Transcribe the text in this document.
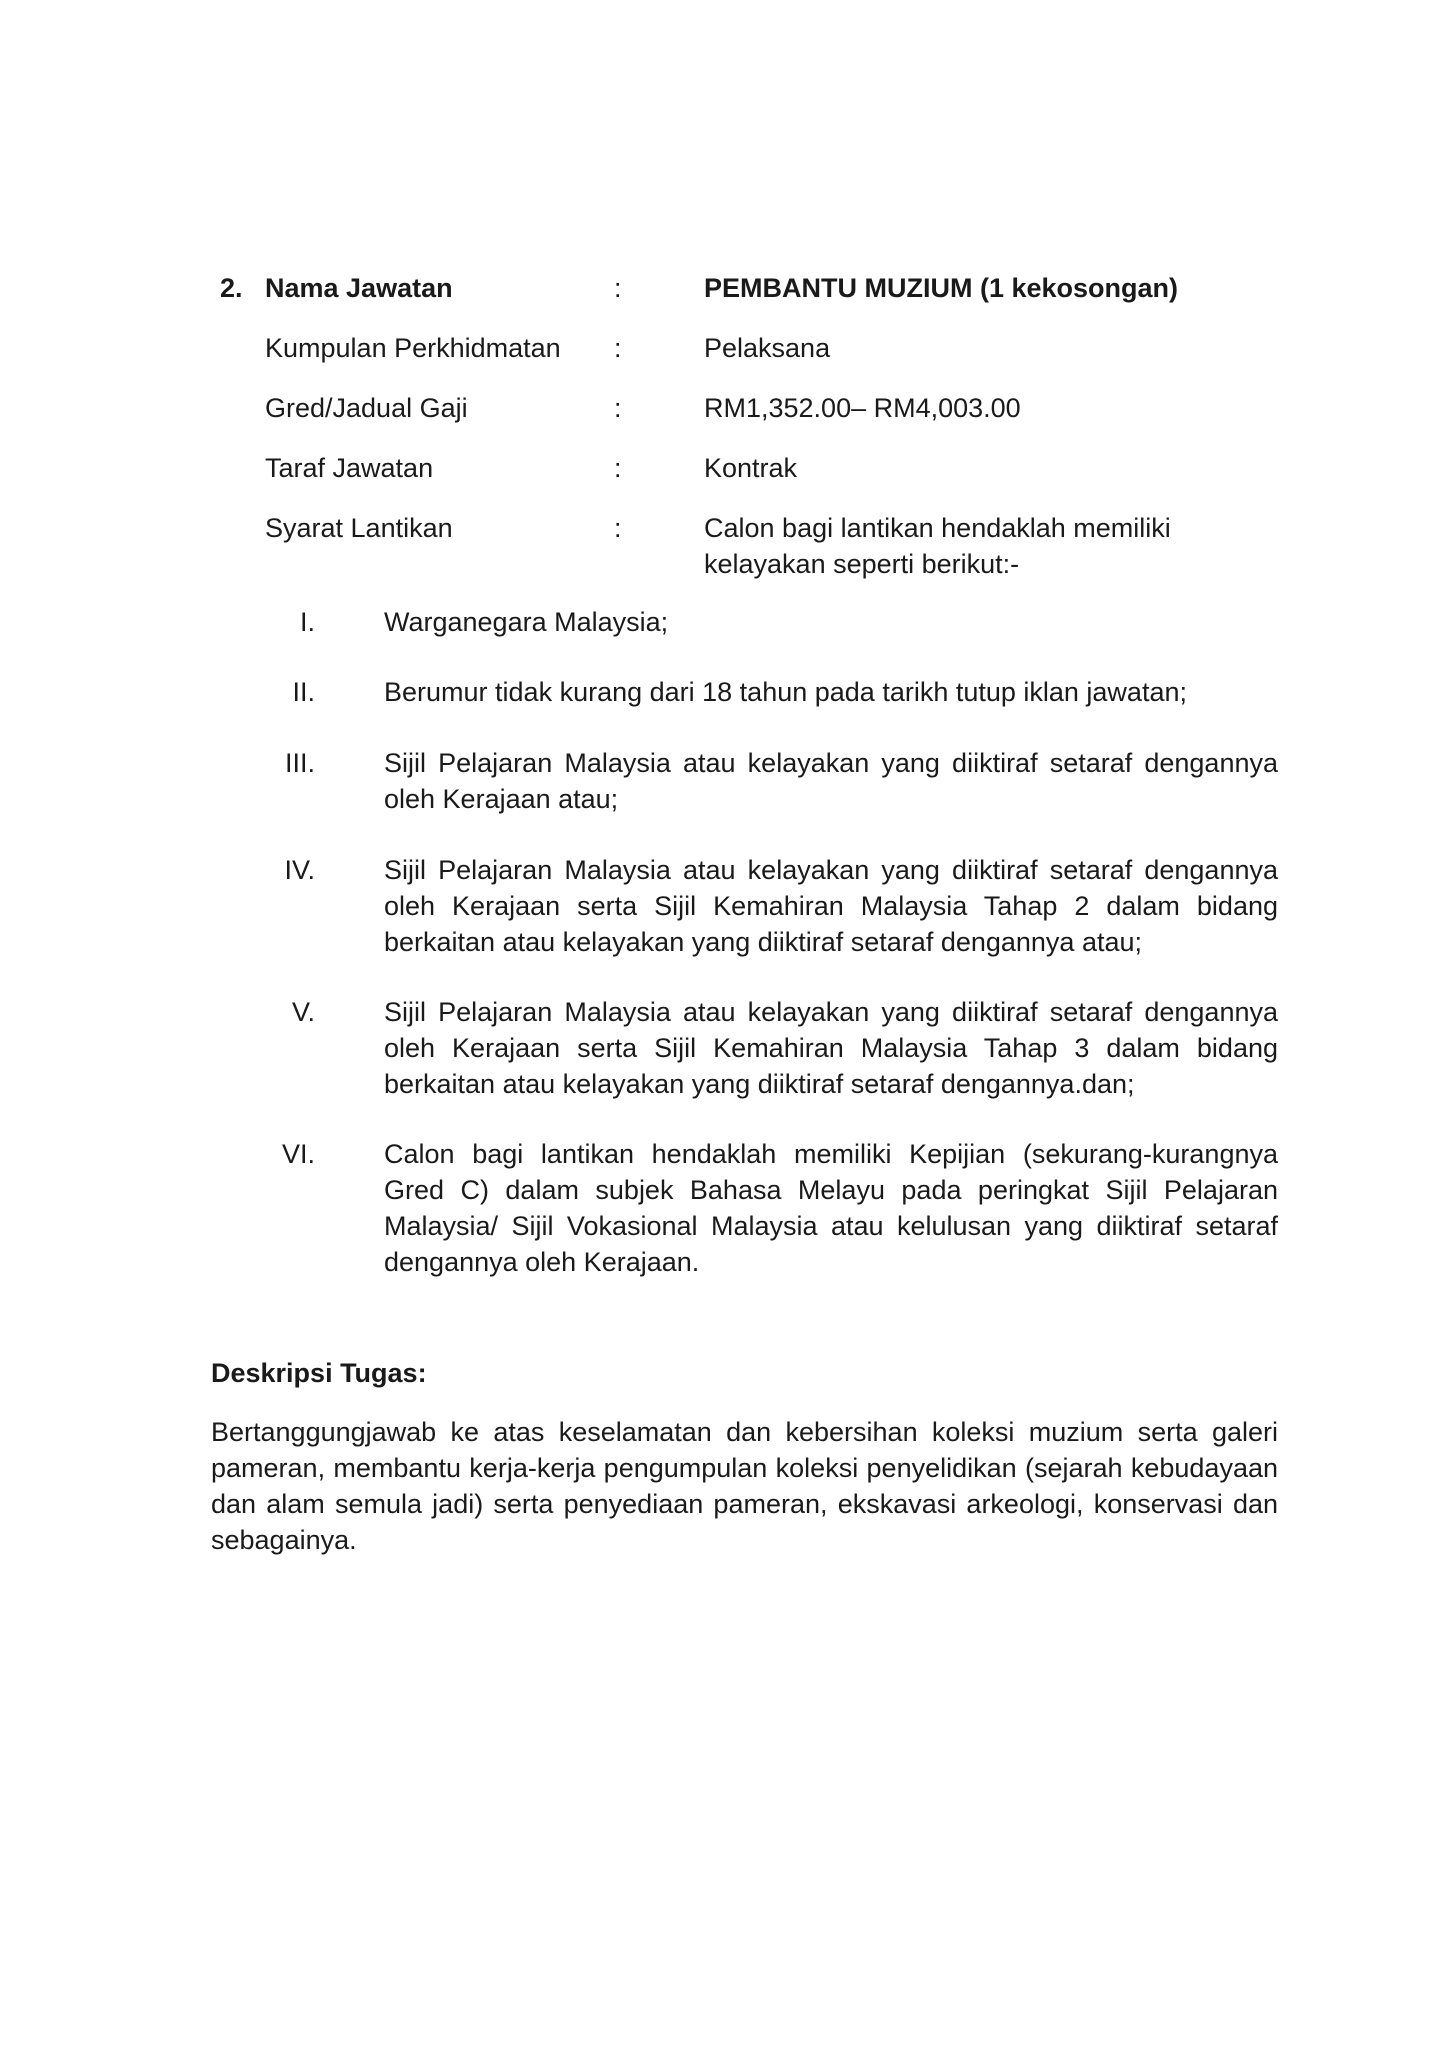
2. Nama Jawatan	:	PEMBANTU MUZIUM (1 kekosongan)
Kumpulan Perkhidmatan :	Pelaksana
Gred/Jadual Gaji	:	RM1,352.00– RM4,003.00
Taraf Jawatan	:	Kontrak
Syarat Lantikan	:	Calon bagi lantikan hendaklah memiliki kelayakan seperti berikut:-
I.	Warganegara Malaysia;
II.	Berumur tidak kurang dari 18 tahun pada tarikh tutup iklan jawatan;
III.	Sijil Pelajaran Malaysia atau kelayakan yang diiktiraf setaraf dengannya oleh Kerajaan atau;
IV.	Sijil Pelajaran Malaysia atau kelayakan yang diiktiraf setaraf dengannya oleh Kerajaan serta Sijil Kemahiran Malaysia Tahap 2 dalam bidang berkaitan atau kelayakan yang diiktiraf setaraf dengannya atau;
V.	Sijil Pelajaran Malaysia atau kelayakan yang diiktiraf setaraf dengannya oleh Kerajaan serta Sijil Kemahiran Malaysia Tahap 3 dalam bidang berkaitan atau kelayakan yang diiktiraf setaraf dengannya.dan;
VI.	Calon bagi lantikan hendaklah memiliki Kepijian (sekurang-kurangnya Gred C) dalam subjek Bahasa Melayu pada peringkat Sijil Pelajaran Malaysia/ Sijil Vokasional Malaysia atau kelulusan yang diiktiraf setaraf dengannya oleh Kerajaan.
Deskripsi Tugas:
Bertanggungjawab ke atas keselamatan dan kebersihan koleksi muzium serta galeri pameran, membantu kerja-kerja pengumpulan koleksi penyelidikan (sejarah kebudayaan dan alam semula jadi) serta penyediaan pameran, ekskavasi arkeologi, konservasi dan sebagainya.
